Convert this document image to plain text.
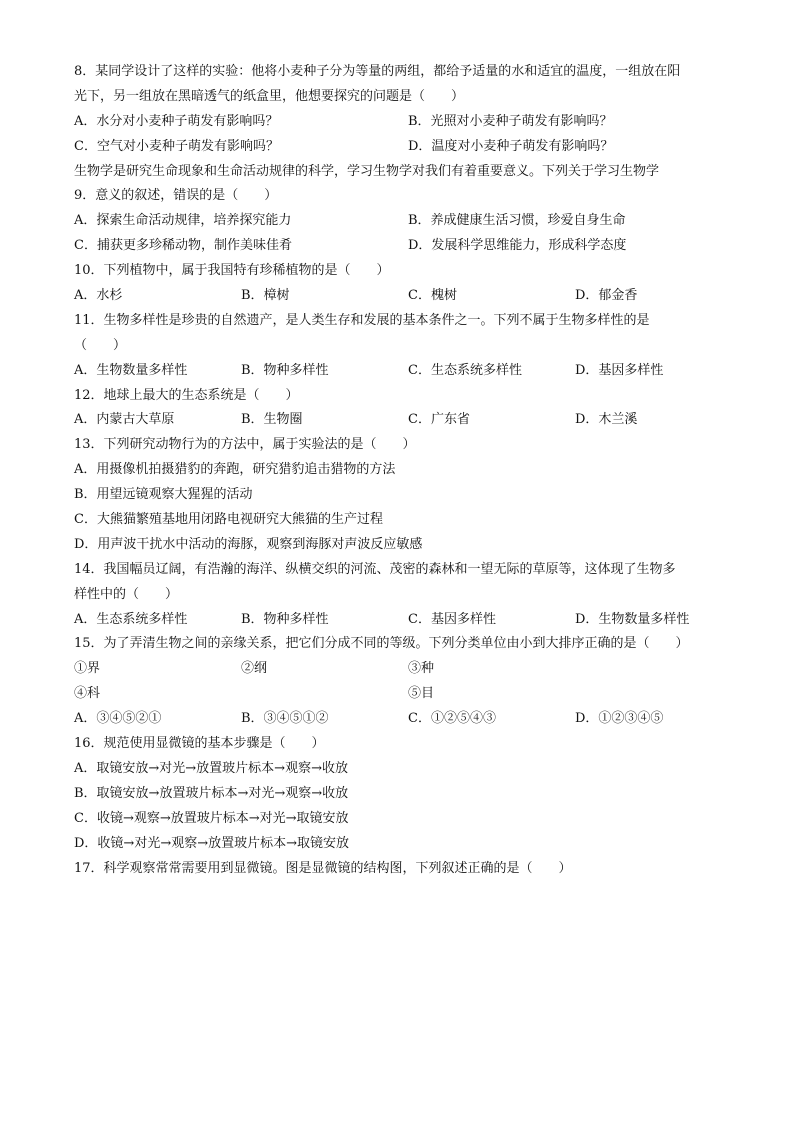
8．某同学设计了这样的实验：他将小麦种子分为等量的两组，都给予适量的水和适宜的温度，一组放在阳
光下，另一组放在黑暗透气的纸盒里，他想要探究的问题是（　　）
A．水分对小麦种子萌发有影响吗？	B．光照对小麦种子萌发有影响吗？
C．空气对小麦种子萌发有影响吗？	D．温度对小麦种子萌发有影响吗？
生物学是研究生命现象和生命活动规律的科学，学习生物学对我们有着重要意义。下列关于学习生物学
9．意义的叙述，错误的是（　　）
A．探索生命活动规律，培养探究能力	B．养成健康生活习惯，珍爱自身生命
C．捕获更多珍稀动物，制作美味佳肴	D．发展科学思维能力，形成科学态度
10．下列植物中，属于我国特有珍稀植物的是（　　）
A．水杉	B．樟树	C．槐树	D．郁金香
11．生物多样性是珍贵的自然遗产，是人类生存和发展的基本条件之一。下列不属于生物多样性的是
（　　）
A．生物数量多样性	B．物种多样性	C．生态系统多样性	D．基因多样性
12．地球上最大的生态系统是（　　）
A．内蒙古大草原	B．生物圈	C．广东省	D．木兰溪
13．下列研究动物行为的方法中，属于实验法的是（　　）
A．用摄像机拍摄猎豹的奔跑，研究猎豹追击猎物的方法
B．用望远镜观察大猩猩的活动
C．大熊猫繁殖基地用闭路电视研究大熊猫的生产过程
D．用声波干扰水中活动的海豚，观察到海豚对声波反应敏感
14．我国幅员辽阔，有浩瀚的海洋、纵横交织的河流、茂密的森林和一望无际的草原等，这体现了生物多
样性中的（　　）
A．生态系统多样性	B．物种多样性	C．基因多样性	D．生物数量多样性
15．为了弄清生物之间的亲缘关系，把它们分成不同的等级。下列分类单位由小到大排序正确的是（　　）
①界	②纲	③种
④科	⑤目
A．③④⑤②①	B．③④⑤①②	C．①②⑤④③	D．①②③④⑤
16．规范使用显微镜的基本步骤是（　　）
A．取镜安放→对光→放置玻片标本→观察→收放
B．取镜安放→放置玻片标本→对光→观察→收放
C．收镜→观察→放置玻片标本→对光→取镜安放
D．收镜→对光→观察→放置玻片标本→取镜安放
17．科学观察常常需要用到显微镜。图是显微镜的结构图，下列叙述正确的是（　　）
